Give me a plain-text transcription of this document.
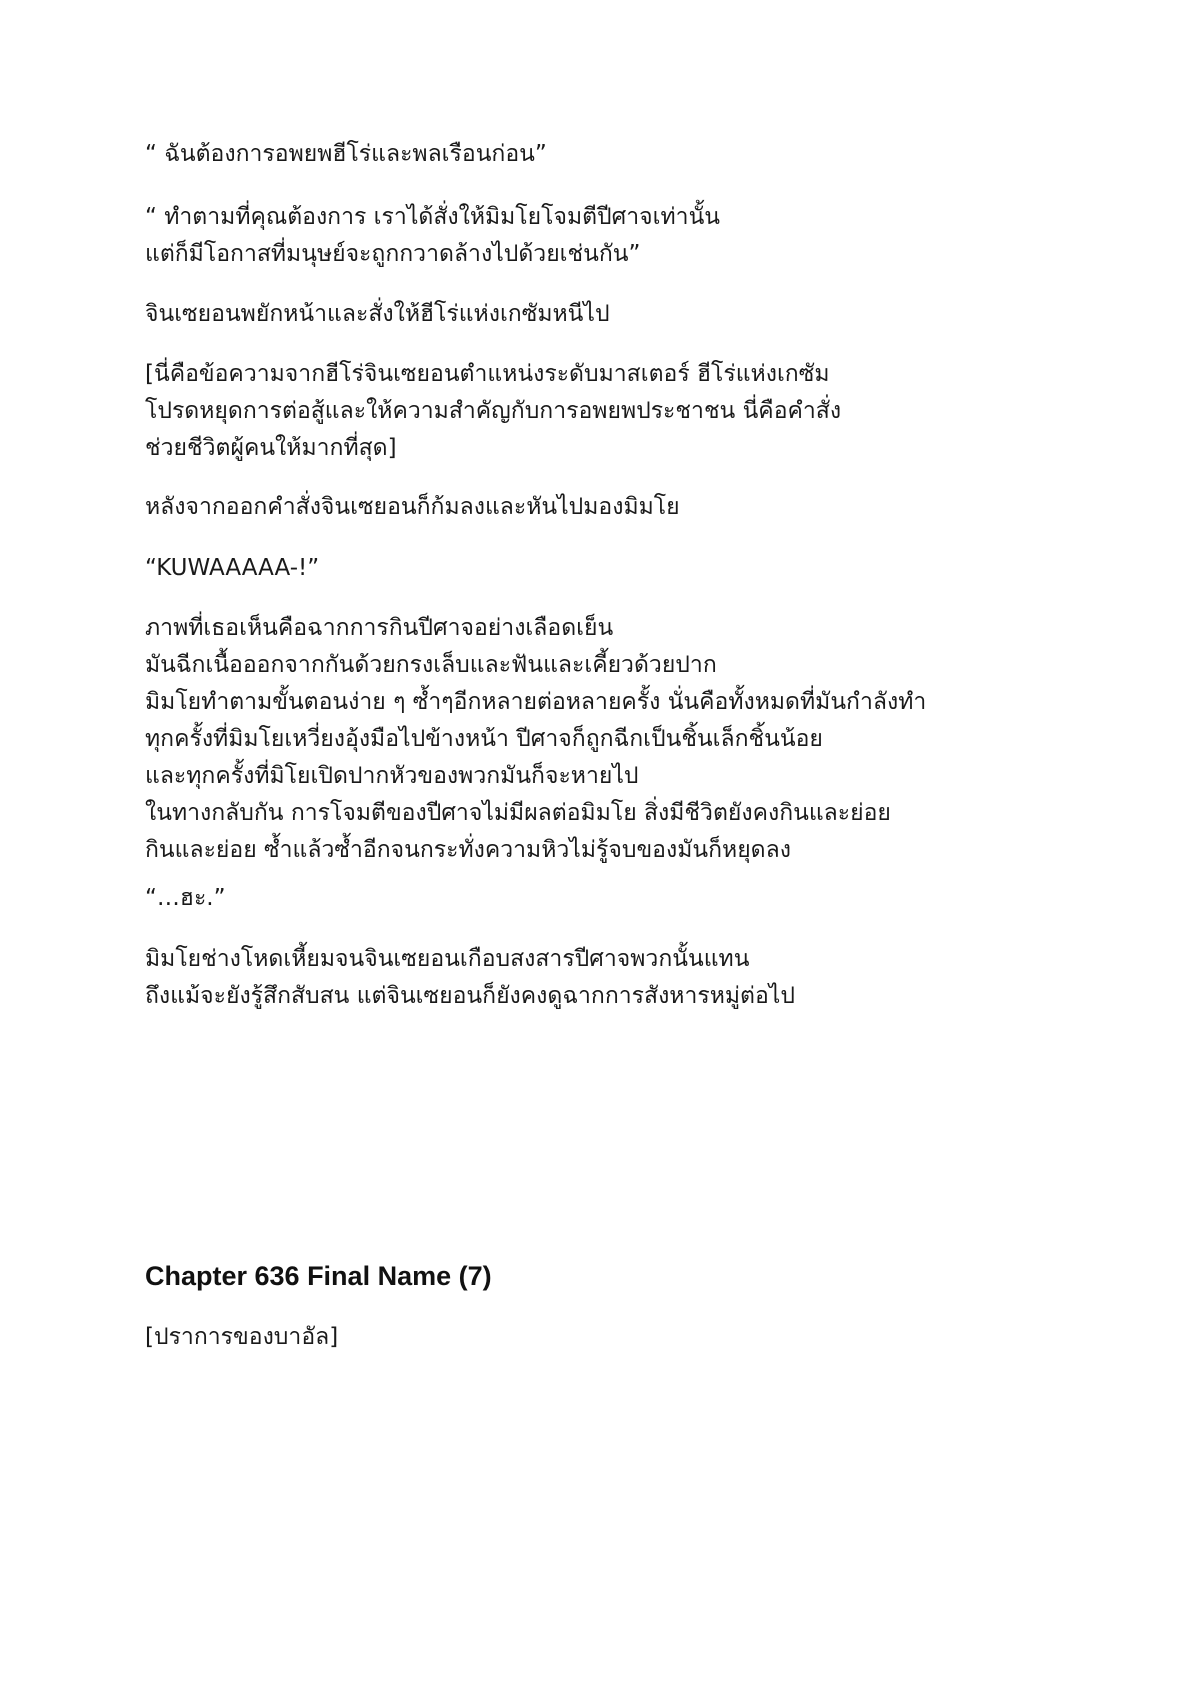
“ ฉันต้องการอพยพฮีโร่และพลเรือนก่อน”

“ ทำตามที่คุณต้องการ เราได้สั่งให้มิมโยโจมตีปีศาจเท่านั้น
แต่ก็มีโอกาสที่มนุษย์จะถูกกวาดล้างไปด้วยเช่นกัน”

จินเซยอนพยักหน้าและสั่งให้ฮีโร่แห่งเกซัมหนีไป

[นี่คือข้อความจากฮีโร่จินเซยอนตำแหน่งระดับมาสเตอร์ ฮีโร่แห่งเกซัม
โปรดหยุดการต่อสู้และให้ความสำคัญกับการอพยพประชาชน นี่คือคำสั่ง
ช่วยชีวิตผู้คนให้มากที่สุด]

หลังจากออกคำสั่งจินเซยอนก็ก้มลงและหันไปมองมิมโย

“KUWAAAAA-!”

ภาพที่เธอเห็นคือฉากการกินปีศาจอย่างเลือดเย็น
มันฉีกเนื้อออกจากกันด้วยกรงเล็บและฟันและเคี้ยวด้วยปาก
มิมโยทำตามขั้นตอนง่าย ๆ ซ้ำๆอีกหลายต่อหลายครั้ง นั่นคือทั้งหมดที่มันกำลังทำ
ทุกครั้งที่มิมโยเหวี่ยงอุ้งมือไปข้างหน้า ปีศาจก็ถูกฉีกเป็นชิ้นเล็กชิ้นน้อย
และทุกครั้งที่มิโยเปิดปากหัวของพวกมันก็จะหายไป
ในทางกลับกัน การโจมตีของปีศาจไม่มีผลต่อมิมโย สิ่งมีชีวิตยังคงกินและย่อย
กินและย่อย ซ้ำแล้วซ้ำอีกจนกระทั่งความหิวไม่รู้จบของมันก็หยุดลง

“…ฮะ.”

มิมโยช่างโหดเหี้ยมจนจินเซยอนเกือบสงสารปีศาจพวกนั้นแทน
ถึงแม้จะยังรู้สึกสับสน แต่จินเซยอนก็ยังคงดูฉากการสังหารหมู่ต่อไป

Chapter 636 Final Name (7)

[ปราการของบาอัล]
